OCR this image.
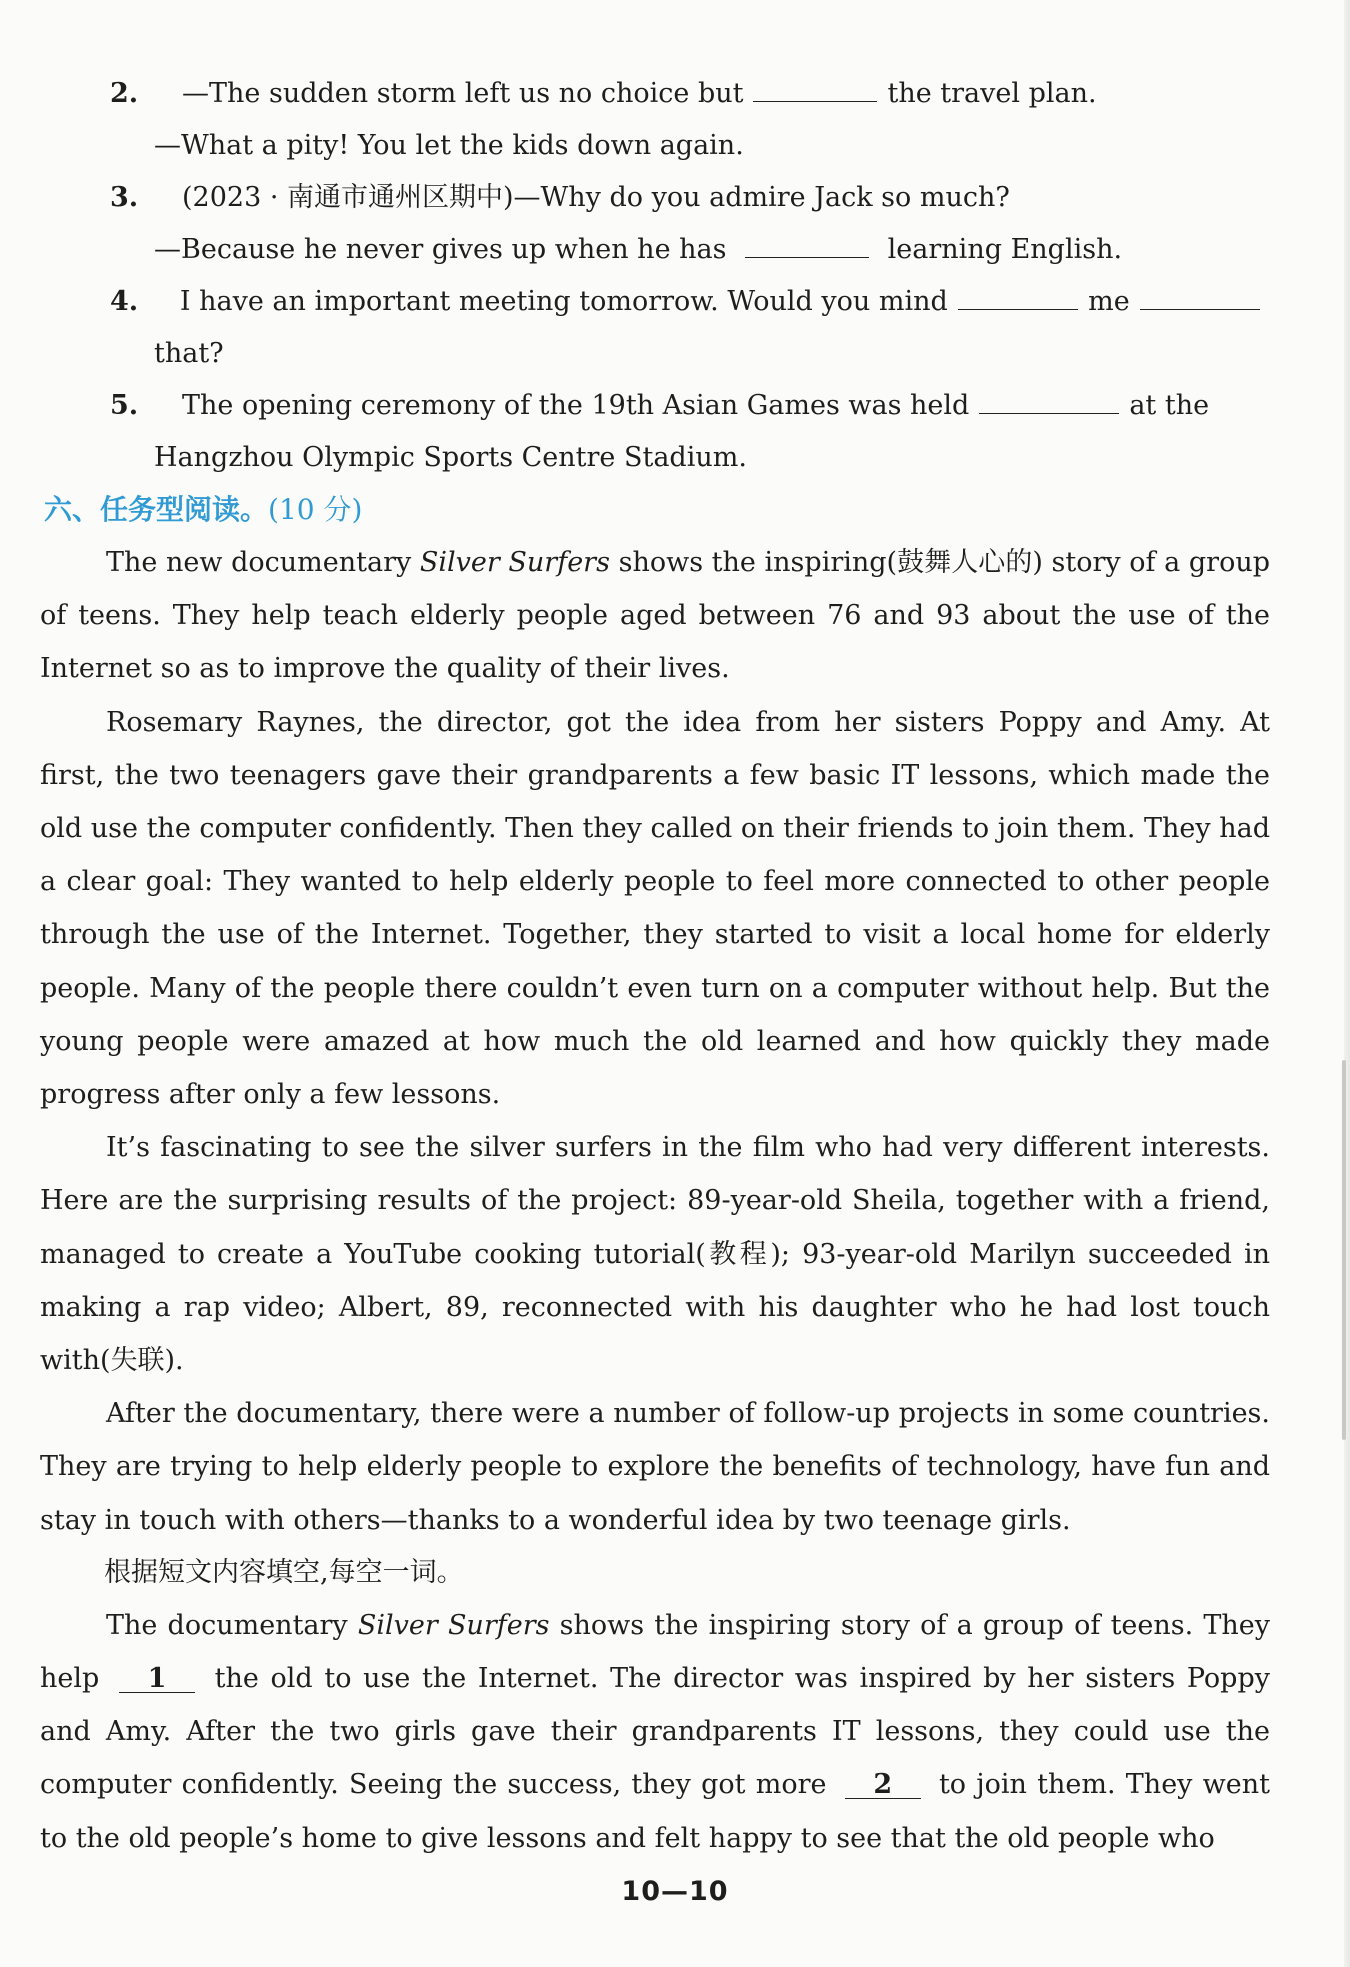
2.	—The sudden storm left us no choice but	the travel plan.
—What a pity! You let the kids down again.
3.	(2023 · 南通市通州区期中)—Why do you admire Jack so much?
—Because he never gives up when he has	learning English.
4.	I have an important meeting tomorrow. Would you mind	me
that?
5.	The opening ceremony of the 19th Asian Games was held	at the
Hangzhou Olympic Sports Centre Stadium.
六、任务型阅读。(10 分)

The new documentary Silver Surfers shows the inspiring(鼓舞人心的) story of a group of teens. They help teach elderly people aged between 76 and 93 about the use of the Internet so as to improve the quality of their lives.

Rosemary Raynes, the director, got the idea from her sisters Poppy and Amy. At first, the two teenagers gave their grandparents a few basic IT lessons, which made the old use the computer confidently. Then they called on their friends to join them. They had a clear goal: They wanted to help elderly people to feel more connected to other people through the use of the Internet. Together, they started to visit a local home for elderly people. Many of the people there couldn’t even turn on a computer without help. But the young people were amazed at how much the old learned and how quickly they made progress after only a few lessons.

It’s fascinating to see the silver surfers in the film who had very different interests. Here are the surprising results of the project: 89-year-old Sheila, together with a friend, managed to create a YouTube cooking tutorial(教程); 93-year-old Marilyn succeeded in making a rap video; Albert, 89, reconnected with his daughter who he had lost touch with(失联).

After the documentary, there were a number of follow-up projects in some countries. They are trying to help elderly people to explore the benefits of technology, have fun and stay in touch with others—thanks to a wonderful idea by two teenage girls.

根据短文内容填空,每空一词。

The documentary Silver Surfers shows the inspiring story of a group of teens. They help 1 the old to use the Internet. The director was inspired by her sisters Poppy and Amy. After the two girls gave their grandparents IT lessons, they could use the computer confidently. Seeing the success, they got more 2 to join them. They went to the old people’s home to give lessons and felt happy to see that the old people who

10—10
